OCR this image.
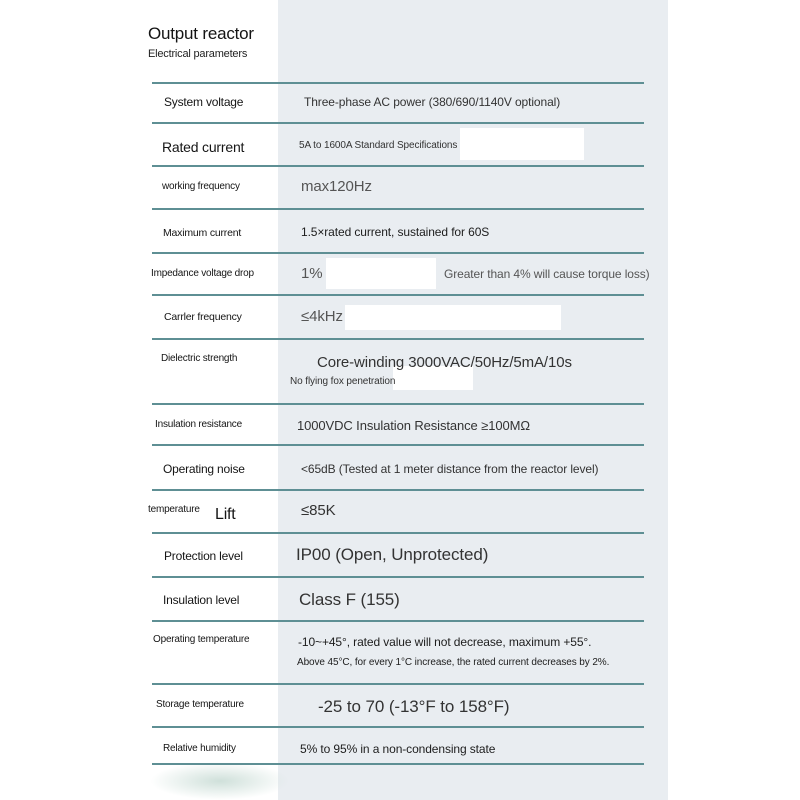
Output reactor
Electrical parameters
System voltage	Three-phase AC power (380/690/1140V optional)
Rated current	5A to 1600A Standard Specifications
working frequency	max120Hz
Maximum current	1.5×rated current, sustained for 60S
Impedance voltage drop	1%	Greater than 4% will cause torque loss)
Carrler frequency	≤4kHz
Dielectric strength	Core-winding 3000VAC/50Hz/5mA/10s
No flying fox penetration
Insulation resistance	1000VDC Insulation Resistance ≥100MΩ
Operating noise	<65dB (Tested at 1 meter distance from the reactor level)
temperature Lift	≤85K
Protection level	IP00 (Open, Unprotected)
Insulation level	Class F (155)
Operating temperature	-10~+45°, rated value will not decrease, maximum +55°.
Above 45°C, for every 1°C increase, the rated current decreases by 2%.
Storage temperature	-25 to 70 (-13°F to 158°F)
Relative humidity	5% to 95% in a non-condensing state
